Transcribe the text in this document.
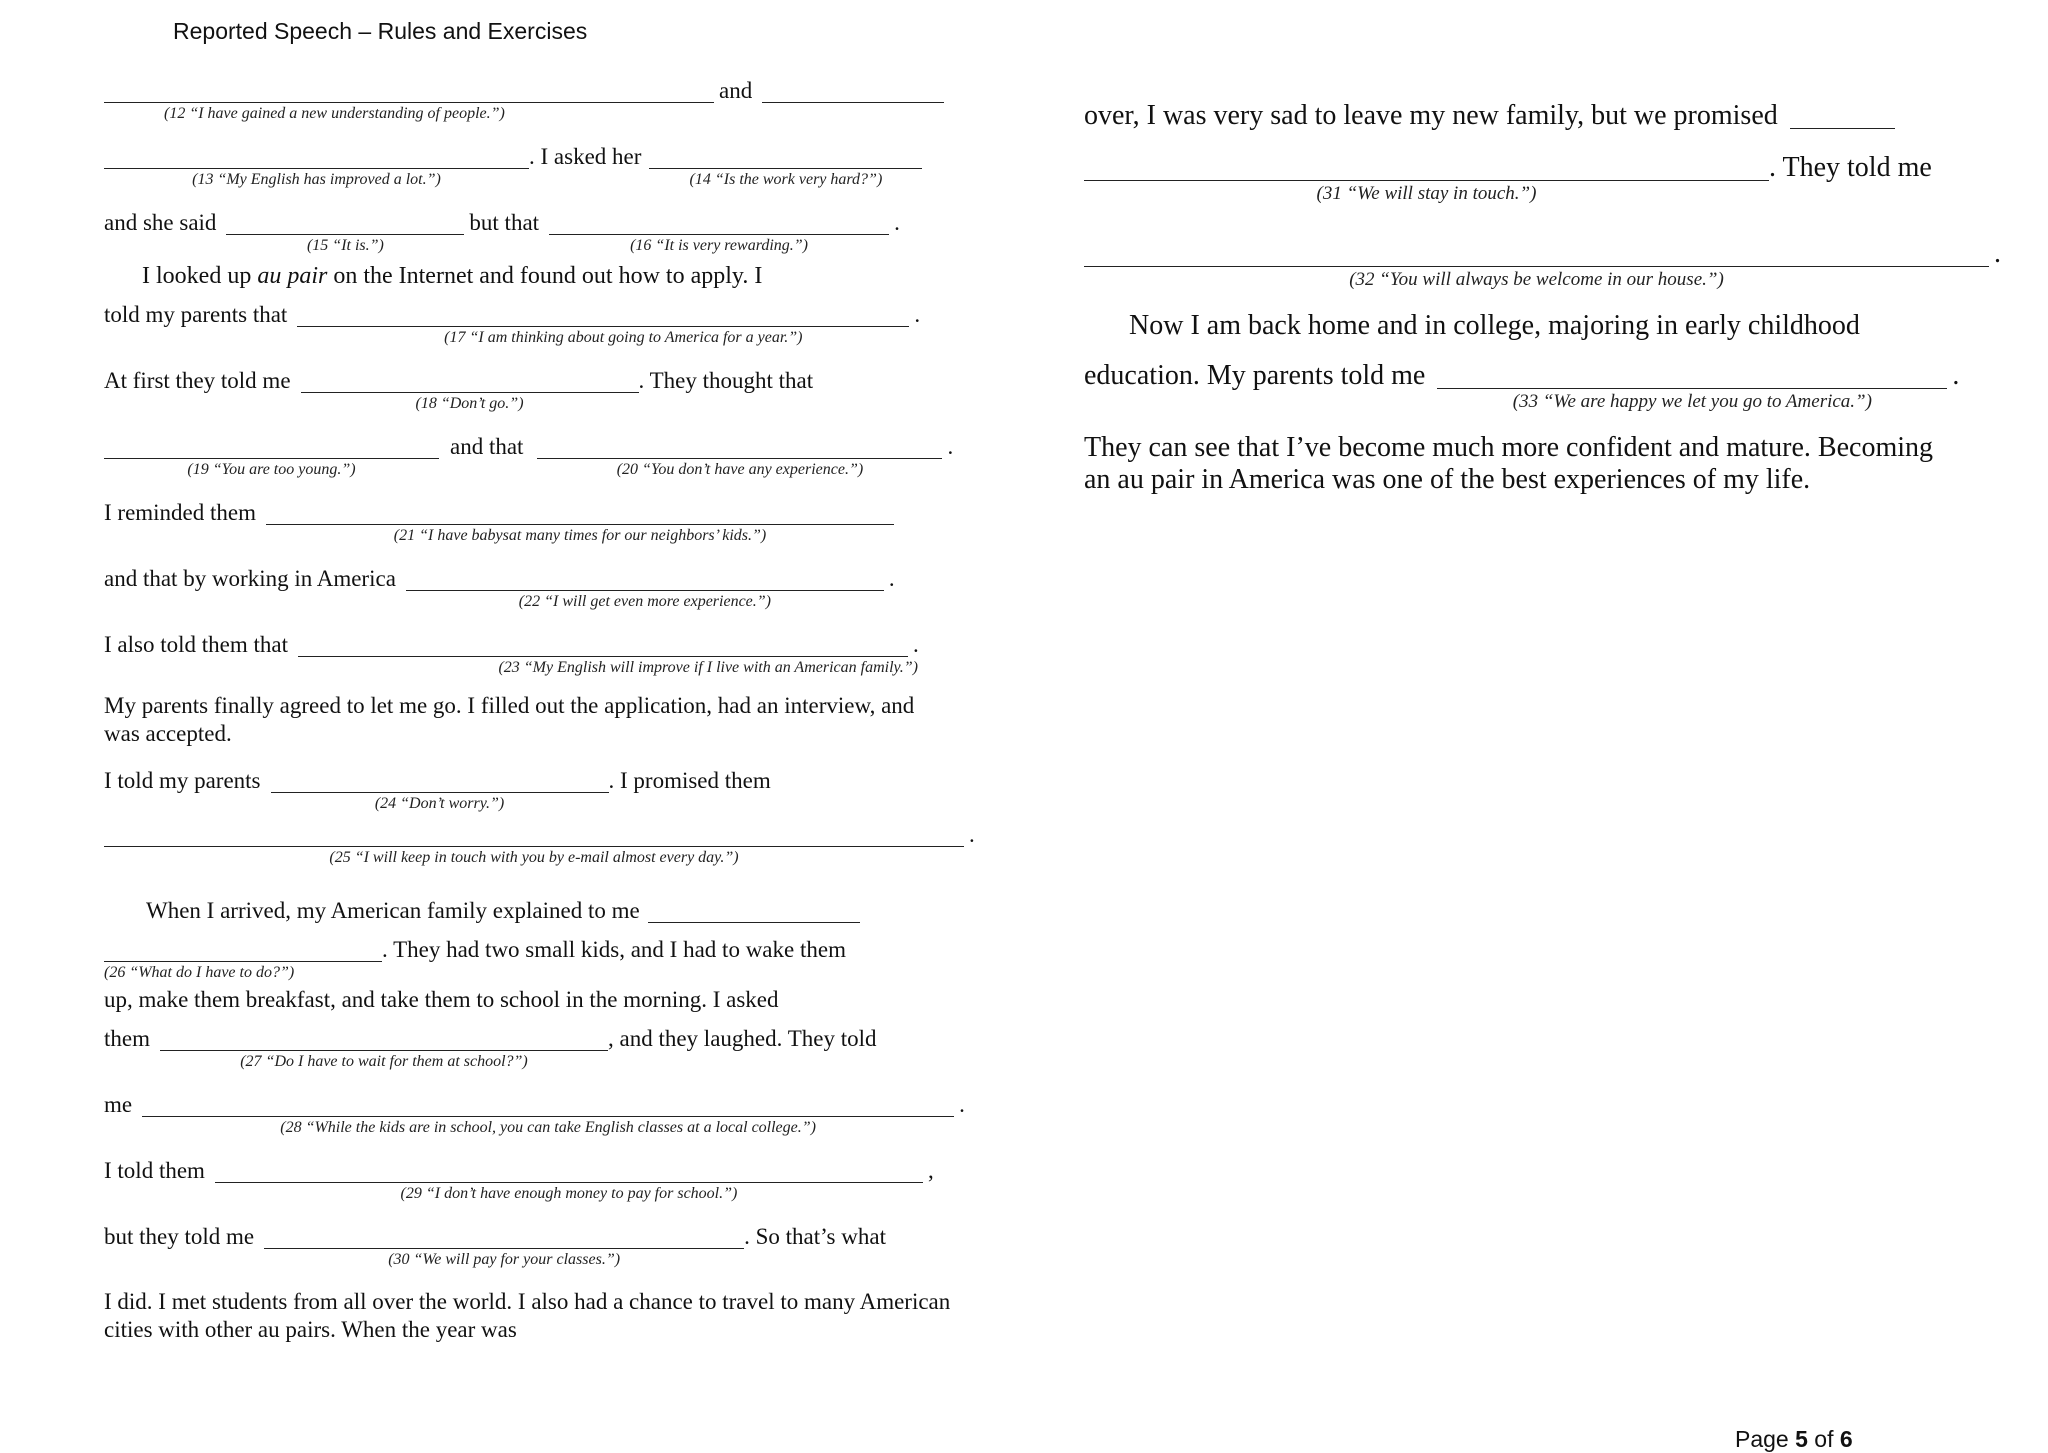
Reported Speech – Rules and Exercises
(12 “I have gained a new understanding of people.”)
and
(13 “My English has improved a lot.”)
. I asked her
(14 “Is the work very hard?”)
and she said
(15 “It is.”)
but that
(16 “It is very rewarding.”)
.
I looked up au pair on the Internet and found out how to apply. I
told my parents that
(17 “I am thinking about going to America for a year.”)
.
At first they told me
(18 “Don’t go.”)
. They thought that
(19 “You are too young.”)
and that
(20 “You don’t have any experience.”)
.
I reminded them
(21 “I have babysat many times for our neighbors’ kids.”)
and that by working in America
(22 “I will get even more experience.”)
.
I also told them that
(23 “My English will improve if I live with an American family.”)
.
My parents finally agreed to let me go. I filled out the application, had an interview, and was accepted.
I told my parents
(24 “Don’t worry.”)
. I promised them
(25 “I will keep in touch with you by e-mail almost every day.”)
.
When I arrived, my American family explained to me
(26 “What do I have to do?”)
. They had two small kids, and I had to wake them
up, make them breakfast, and take them to school in the morning. I asked
them
(27 “Do I have to wait for them at school?”)
, and they laughed. They told
me
(28 “While the kids are in school, you can take English classes at a local college.”)
.
I told them
(29 “I don’t have enough money to pay for school.”)
,
but they told me
(30 “We will pay for your classes.”)
. So that’s what
I did. I met students from all over the world. I also had a chance to travel to many American cities with other au pairs. When the year was
over, I was very sad to leave my new family, but we promised
(31 “We will stay in touch.”)
. They told me
(32 “You will always be welcome in our house.”)
.
Now I am back home and in college, majoring in early childhood
education. My parents told me
(33 “We are happy we let you go to America.”)
.
They can see that I’ve become much more confident and mature. Becoming an au pair in America was one of the best experiences of my life.
Page 5 of 6
